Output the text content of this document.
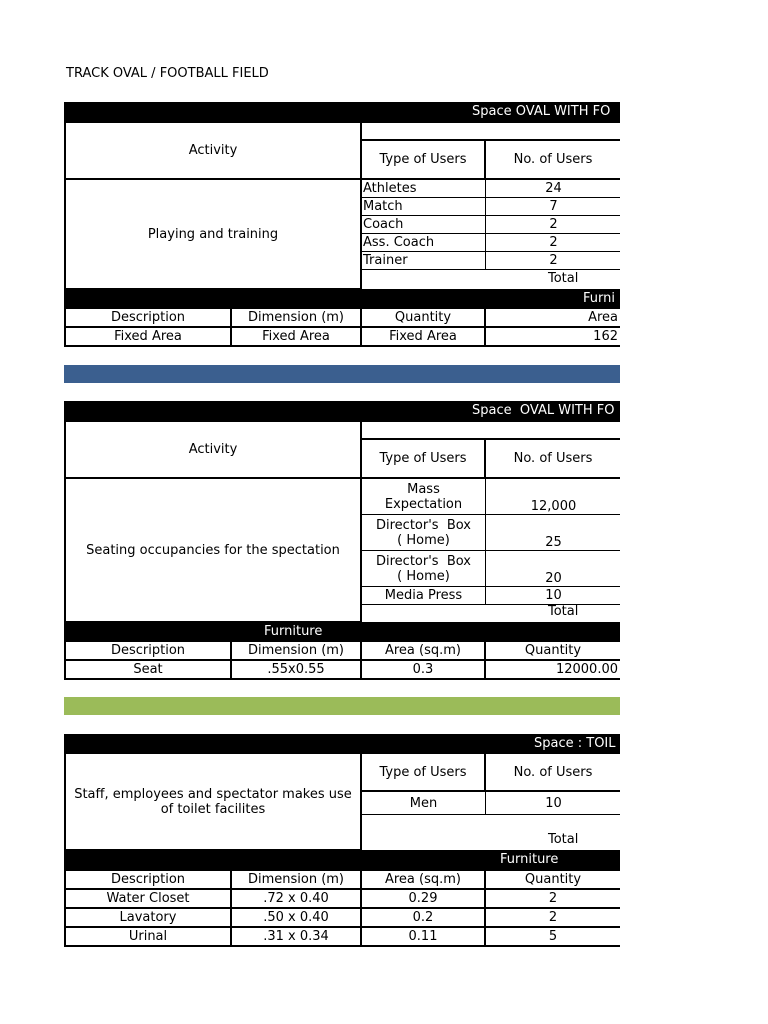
TRACK OVAL / FOOTBALL FIELD
Space OVAL WITH FO
Activity
Type of Users	No. of Users
Playing and training
Athletes	24
Match	7
Coach	2
Ass. Coach	2
Trainer	2
Total
Furni
Description	Dimension (m)	Quantity	Area
Fixed Area	Fixed Area	Fixed Area	162
Space  OVAL WITH FO
Activity
Type of Users	No. of Users
Seating occupancies for the spectation
Mass
Expectation	12,000
Director's  Box
( Home)	25
Director's  Box
( Home)	20
Media Press	10
Total
Furniture
Description	Dimension (m)	Area (sq.m)	Quantity
Seat	.55x0.55	0.3	12000.00
Space : TOIL
Staff, employees and spectator makes use of toilet facilites
Type of Users	No. of Users
Men	10
Total
Furniture
Description	Dimension (m)	Area (sq.m)	Quantity
Water Closet	.72 x 0.40	0.29	2
Lavatory	.50 x 0.40	0.2	2
Urinal	.31 x 0.34	0.11	5
